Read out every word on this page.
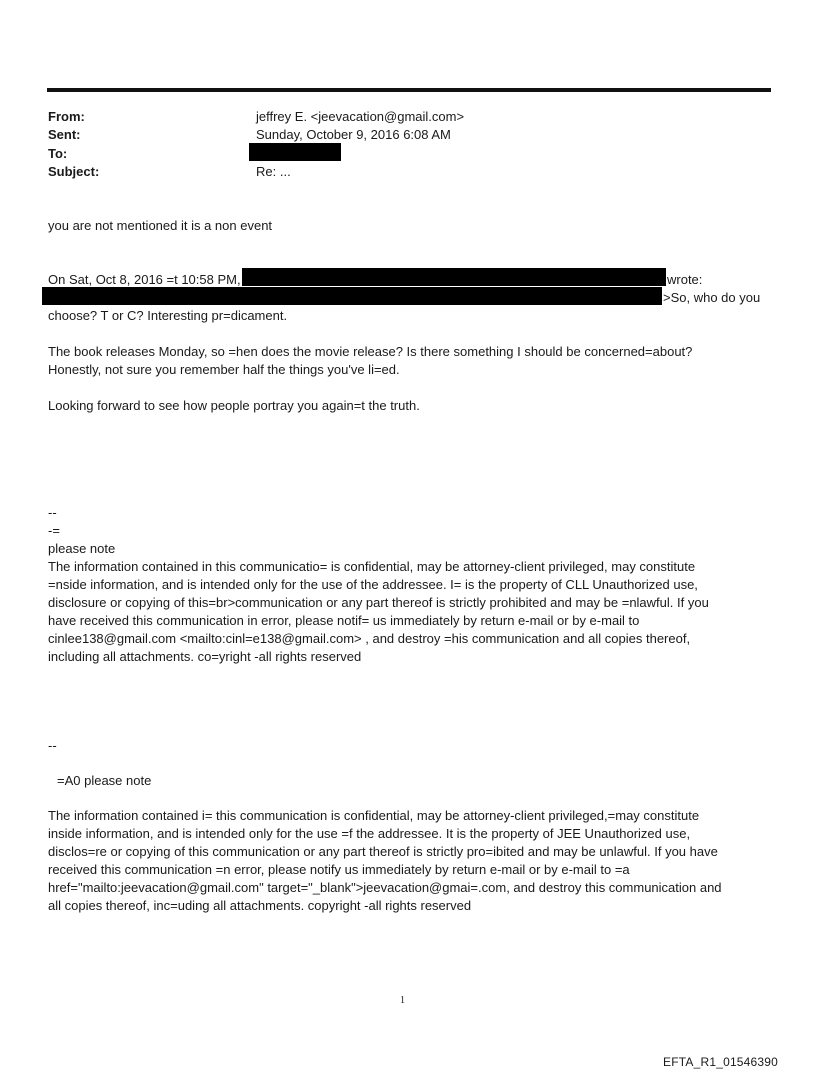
From:	jeffrey E. <jeevacation@gmail.com>
Sent:	Sunday, October 9, 2016 6:08 AM
To:
Subject:	Re: ...
you are not mentioned it is a non event
On Sat, Oct 8, 2016 =t 10:58 PM,	wrote:
>So, who do you
choose? T or C? Interesting pr=dicament.
The book releases Monday, so =hen does the movie release? Is there something I should be concerned=about?
Honestly, not sure you remember half the things you've li=ed.
Looking forward to see how people portray you again=t the truth.
--
-=
please note
The information contained in this communicatio= is confidential, may be attorney-client privileged, may constitute
=nside information, and is intended only for the use of the addressee. I= is the property of CLL Unauthorized use,
disclosure or copying of this=br>communication or any part thereof is strictly prohibited and may be =nlawful. If you
have received this communication in error, please notif= us immediately by return e-mail or by e-mail to
cinlee138@gmail.com <mailto:cinl=e138@gmail.com> , and destroy =his communication and all copies thereof,
including all attachments. co=yright -all rights reserved
--
=A0 please note
The information contained i= this communication is confidential, may be attorney-client privileged,=may constitute
inside information, and is intended only for the use =f the addressee. It is the property of JEE Unauthorized use,
disclos=re or copying of this communication or any part thereof is strictly pro=ibited and may be unlawful. If you have
received this communication =n error, please notify us immediately by return e-mail or by e-mail to =a
href="mailto:jeevacation@gmail.com" target="_blank">jeevacation@gmai=.com, and destroy this communication and
all copies thereof, inc=uding all attachments. copyright -all rights reserved
1
EFTA_R1_01546390
